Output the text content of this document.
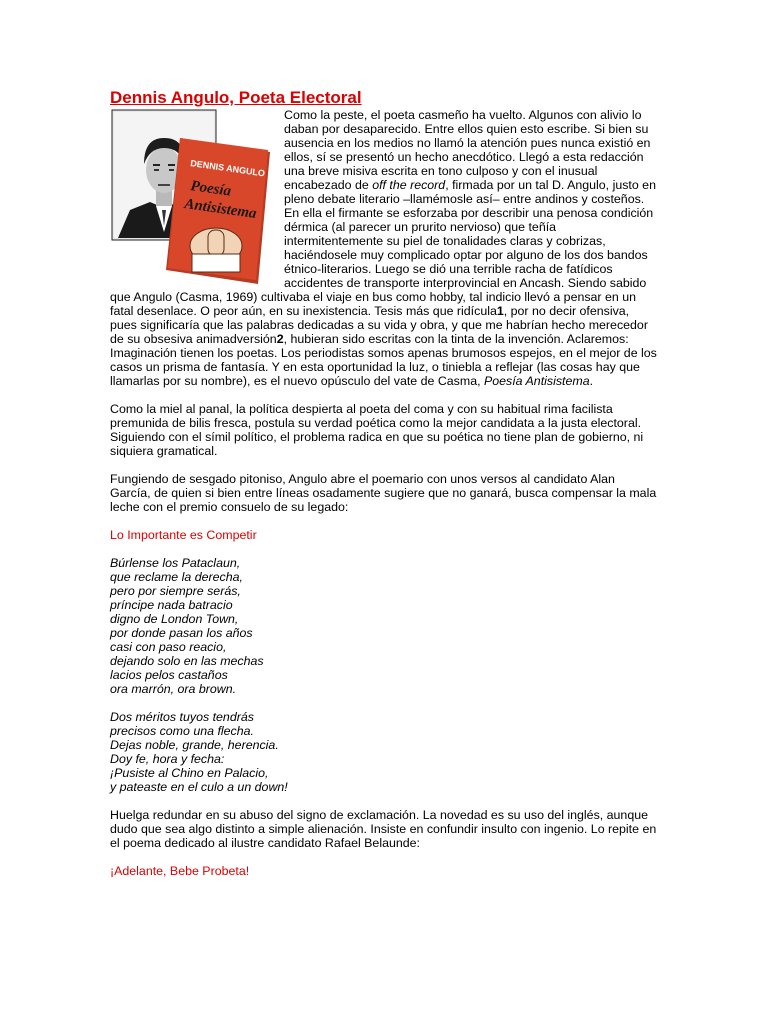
Dennis Angulo, Poeta Electoral
DENNIS ANGULO
Poesía
Antisistema

Como la peste, el poeta casmeño ha vuelto. Algunos con alivio lo daban por desaparecido. Entre ellos quien esto escribe. Si bien su ausencia en los medios no llamó la atención pues nunca existió en ellos, sí se presentó un hecho anecdótico. Llegó a esta redacción una breve misiva escrita en tono culposo y con el inusual encabezado de off the record, firmada por un tal D. Angulo, justo en pleno debate literario –llamémosle así– entre andinos y costeños. En ella el firmante se esforzaba por describir una penosa condición dérmica (al parecer un prurito nervioso) que teñía intermitentemente su piel de tonalidades claras y cobrizas, haciéndosele muy complicado optar por alguno de los dos bandos étnico-literarios. Luego se dió una terrible racha de fatídicos accidentes de transporte interprovincial en Ancash. Siendo sabido que Angulo (Casma, 1969) cultivaba el viaje en bus como hobby, tal indicio llevó a pensar en un fatal desenlace. O peor aún, en su inexistencia. Tesis más que ridícula1, por no decir ofensiva, pues significaría que las palabras dedicadas a su vida y obra, y que me habrían hecho merecedor de su obsesiva animadversión2, hubieran sido escritas con la tinta de la invención. Aclaremos: Imaginación tienen los poetas. Los periodistas somos apenas brumosos espejos, en el mejor de los casos un prisma de fantasía. Y en esta oportunidad la luz, o tiniebla a reflejar (las cosas hay que llamarlas por su nombre), es el nuevo opúsculo del vate de Casma, Poesía Antisistema.

Como la miel al panal, la política despierta al poeta del coma y con su habitual rima facilista premunida de bilis fresca, postula su verdad poética como la mejor candidata a la justa electoral. Siguiendo con el símil político, el problema radica en que su poética no tiene plan de gobierno, ni siquiera gramatical.

Fungiendo de sesgado pitoniso, Angulo abre el poemario con unos versos al candidato Alan García, de quien si bien entre líneas osadamente sugiere que no ganará, busca compensar la mala leche con el premio consuelo de su legado:

Lo Importante es Competir

Búrlense los Pataclaun,
que reclame la derecha,
pero por siempre serás,
príncipe nada batracio
digno de London Town,
por donde pasan los años
casi con paso reacio,
dejando solo en las mechas
lacios pelos castaños
ora marrón, ora brown.
Dos méritos tuyos tendrás
precisos como una flecha.
Dejas noble, grande, herencia.
Doy fe, hora y fecha:
¡Pusiste al Chino en Palacio,
y pateaste en el culo a un down!

Huelga redundar en su abuso del signo de exclamación. La novedad es su uso del inglés, aunque dudo que sea algo distinto a simple alienación. Insiste en confundir insulto con ingenio. Lo repite en el poema dedicado al ilustre candidato Rafael Belaunde:

¡Adelante, Bebe Probeta!
